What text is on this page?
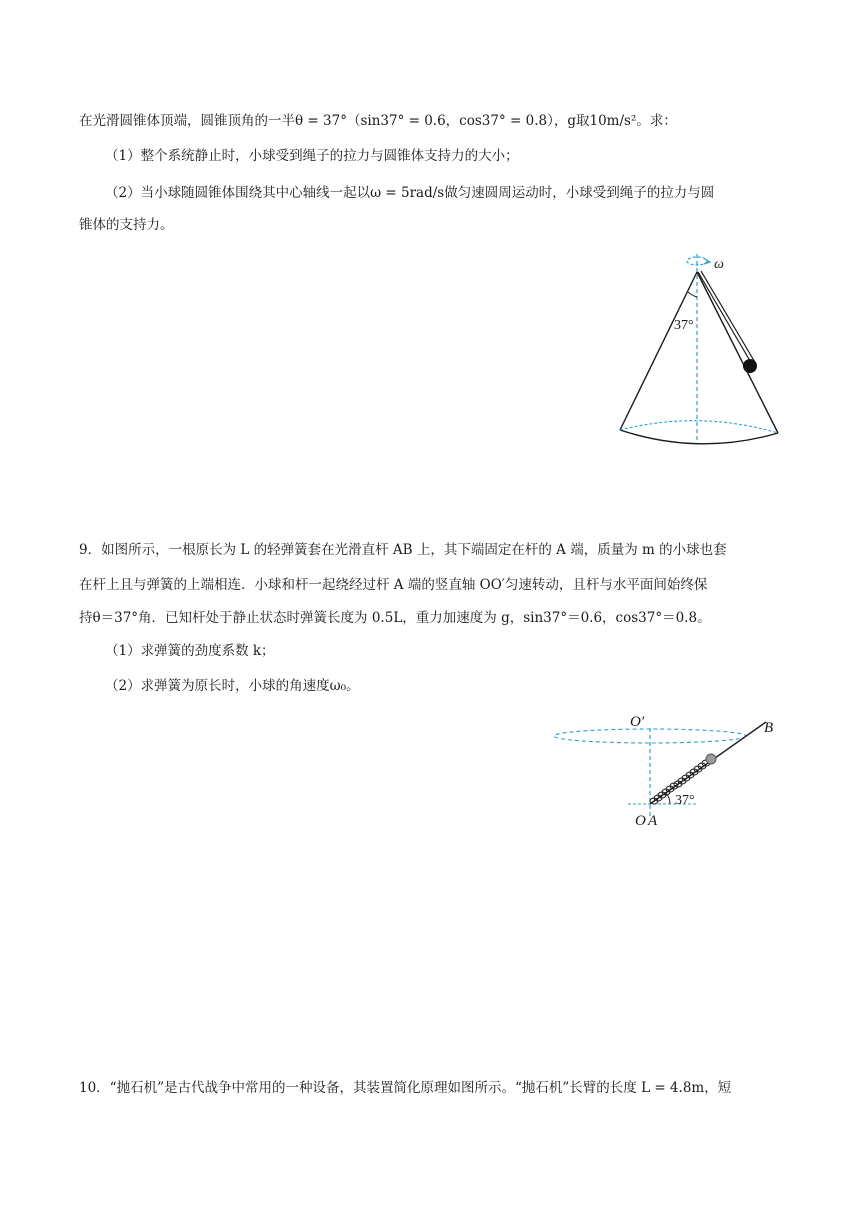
在光滑圆锥体顶端，圆锥顶角的一半θ = 37°（sin37° = 0.6，cos37° = 0.8），g取10m/s²。求：
（1）整个系统静止时，小球受到绳子的拉力与圆锥体支持力的大小；
（2）当小球随圆锥体围绕其中心轴线一起以ω = 5rad/s做匀速圆周运动时，小球受到绳子的拉力与圆
锥体的支持力。
ω
37°
9．如图所示，一根原长为 L 的轻弹簧套在光滑直杆 AB 上，其下端固定在杆的 A 端，质量为 m 的小球也套
在杆上且与弹簧的上端相连．小球和杆一起绕经过杆 A 端的竖直轴 OO′匀速转动，且杆与水平面间始终保
持θ＝37°角．已知杆处于静止状态时弹簧长度为 0.5L，重力加速度为 g，sin37°＝0.6，cos37°＝0.8。
（1）求弹簧的劲度系数 k；
（2）求弹簧为原长时，小球的角速度ω₀。
37°
O′	B
O A
10．“抛石机”是古代战争中常用的一种设备，其装置简化原理如图所示。“抛石机”长臂的长度 L = 4.8m，短
